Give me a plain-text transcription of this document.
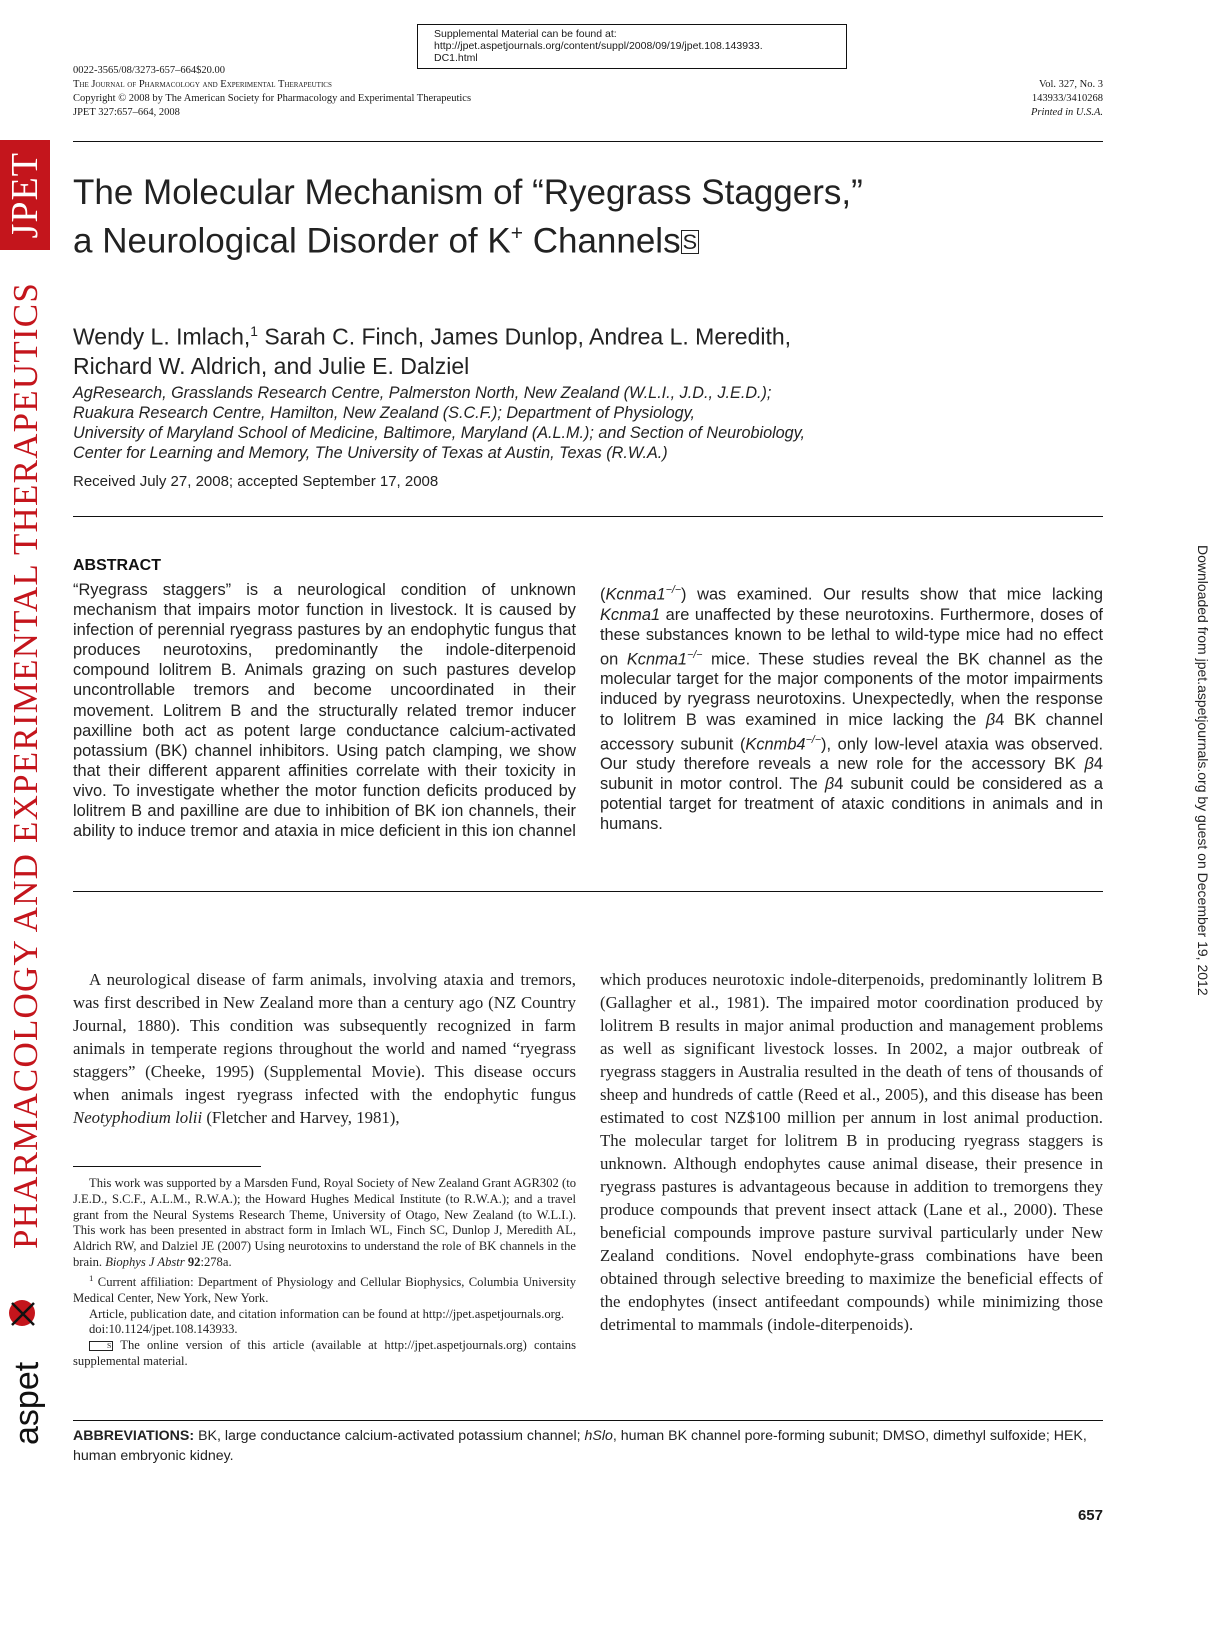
Supplemental Material can be found at:
http://jpet.aspetjournals.org/content/suppl/2008/09/19/jpet.108.143933.
DC1.html
0022-3565/08/3273-657–664$20.00
The Journal of Pharmacology and Experimental Therapeutics
Copyright © 2008 by The American Society for Pharmacology and Experimental Therapeutics
JPET 327:657–664, 2008
Vol. 327, No. 3
143933/3410268
Printed in U.S.A.
JPET
PHARMACOLOGY AND EXPERIMENTAL THERAPEUTICS
aspet
Downloaded from jpet.aspetjournals.org by guest on December 19, 2012
The Molecular Mechanism of “Ryegrass Staggers,”
a Neurological Disorder of K+ ChannelsS
Wendy L. Imlach,$^1$ Sarah C. Finch, James Dunlop, Andrea L. Meredith,
Richard W. Aldrich, and Julie E. Dalziel
AgResearch, Grasslands Research Centre, Palmerston North, New Zealand (W.L.I., J.D., J.E.D.);
Ruakura Research Centre, Hamilton, New Zealand (S.C.F.); Department of Physiology,
University of Maryland School of Medicine, Baltimore, Maryland (A.L.M.); and Section of Neurobiology,
Center for Learning and Memory, The University of Texas at Austin, Texas (R.W.A.)
Received July 27, 2008; accepted September 17, 2008
ABSTRACT
“Ryegrass staggers” is a neurological condition of unknown mechanism that impairs motor function in livestock. It is caused by infection of perennial ryegrass pastures by an endophytic fungus that produces neurotoxins, predominantly the indole-diterpenoid compound lolitrem B. Animals grazing on such pastures develop uncontrollable tremors and become uncoordinated in their movement. Lolitrem B and the structurally related tremor inducer paxilline both act as potent large conductance calcium-activated potassium (BK) channel inhibitors. Using patch clamping, we show that their different apparent affinities correlate with their toxicity in vivo. To investigate whether the motor function deficits produced by lolitrem B and paxilline are due to inhibition of BK ion channels, their ability to induce tremor and ataxia in mice deficient in this ion channel
(Kcnma1−/−) was examined. Our results show that mice lacking Kcnma1 are unaffected by these neurotoxins. Furthermore, doses of these substances known to be lethal to wild-type mice had no effect on Kcnma1−/− mice. These studies reveal the BK channel as the molecular target for the major components of the motor impairments induced by ryegrass neurotoxins. Unexpectedly, when the response to lolitrem B was examined in mice lacking the β4 BK channel accessory subunit (Kcnmb4−/−), only low-level ataxia was observed. Our study therefore reveals a new role for the accessory BK β4 subunit in motor control. The β4 subunit could be considered as a potential target for treatment of ataxic conditions in animals and in humans.
A neurological disease of farm animals, involving ataxia and tremors, was first described in New Zealand more than a century ago (NZ Country Journal, 1880). This condition was subsequently recognized in farm animals in temperate regions throughout the world and named “ryegrass staggers” (Cheeke, 1995) (Supplemental Movie). This disease occurs when animals ingest ryegrass infected with the endophytic fungus Neotyphodium lolii (Fletcher and Harvey, 1981),
which produces neurotoxic indole-diterpenoids, predominantly lolitrem B (Gallagher et al., 1981). The impaired motor coordination produced by lolitrem B results in major animal production and management problems as well as significant livestock losses. In 2002, a major outbreak of ryegrass staggers in Australia resulted in the death of tens of thousands of sheep and hundreds of cattle (Reed et al., 2005), and this disease has been estimated to cost NZ$100 million per annum in lost animal production. The molecular target for lolitrem B in producing ryegrass staggers is unknown. Although endophytes cause animal disease, their presence in ryegrass pastures is advantageous because in addition to tremorgens they produce compounds that prevent insect attack (Lane et al., 2000). These beneficial compounds improve pasture survival particularly under New Zealand conditions. Novel endophyte-grass combinations have been obtained through selective breeding to maximize the beneficial effects of the endophytes (insect antifeedant compounds) while minimizing those detrimental to mammals (indole-diterpenoids).

This work was supported by a Marsden Fund, Royal Society of New Zealand Grant AGR302 (to J.E.D., S.C.F., A.L.M., R.W.A.); the Howard Hughes Medical Institute (to R.W.A.); and a travel grant from the Neural Systems Research Theme, University of Otago, New Zealand (to W.L.I.). This work has been presented in abstract form in Imlach WL, Finch SC, Dunlop J, Meredith AL, Aldrich RW, and Dalziel JE (2007) Using neurotoxins to understand the role of BK channels in the brain. Biophys J Abstr 92:278a.

$^1$ Current affiliation: Department of Physiology and Cellular Biophysics, Columbia University Medical Center, New York, New York.

Article, publication date, and citation information can be found at http://jpet.aspetjournals.org.

doi:10.1124/jpet.108.143933.

S The online version of this article (available at http://jpet.aspetjournals.org) contains supplemental material.

ABBREVIATIONS: BK, large conductance calcium-activated potassium channel; hSlo, human BK channel pore-forming subunit; DMSO, dimethyl sulfoxide; HEK, human embryonic kidney.
657
